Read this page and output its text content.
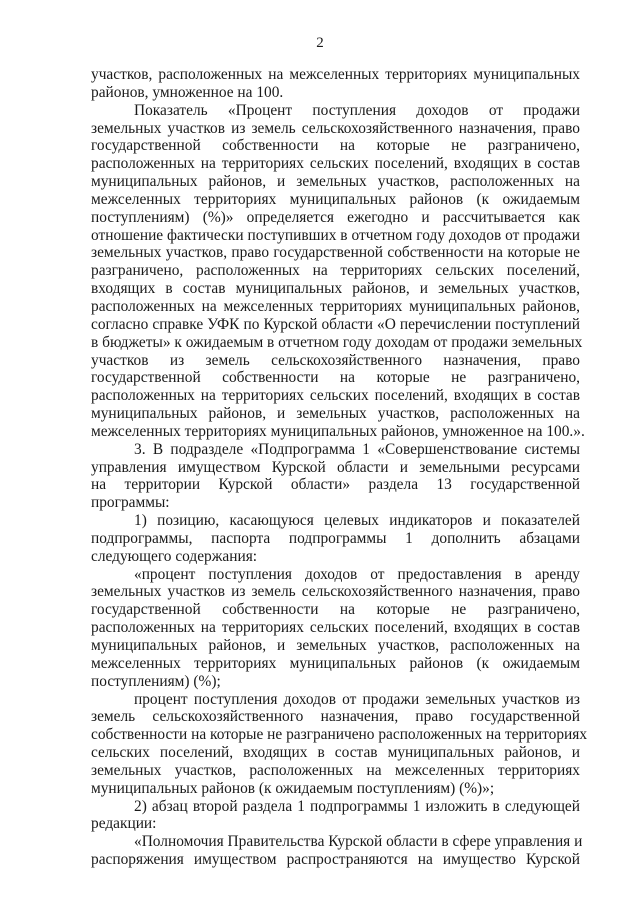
2
участков, расположенных на межселенных территориях муниципальных
районов, умноженное на 100.
Показатель «Процент поступления доходов от продажи
земельных участков из земель сельскохозяйственного назначения, право
государственной собственности на которые не разграничено,
расположенных на территориях сельских поселений, входящих в состав
муниципальных районов, и земельных участков, расположенных на
межселенных территориях муниципальных районов (к ожидаемым
поступлениям) (%)» определяется ежегодно и рассчитывается как
отношение фактически поступивших в отчетном году доходов от продажи
земельных участков, право государственной собственности на которые не
разграничено, расположенных на территориях сельских поселений,
входящих в состав муниципальных районов, и земельных участков,
расположенных на межселенных территориях муниципальных районов,
согласно справке УФК по Курской области «О перечислении поступлений
в бюджеты» к ожидаемым в отчетном году доходам от продажи земельных
участков из земель сельскохозяйственного назначения, право
государственной собственности на которые не разграничено,
расположенных на территориях сельских поселений, входящих в состав
муниципальных районов, и земельных участков, расположенных на
межселенных территориях муниципальных районов, умноженное на 100.».
3. В подразделе «Подпрограмма 1 «Совершенствование системы
управления имуществом Курской области и земельными ресурсами
на территории Курской области» раздела 13 государственной
программы:
1) позицию, касающуюся целевых индикаторов и показателей
подпрограммы, паспорта подпрограммы 1 дополнить абзацами
следующего содержания:
«процент поступления доходов от предоставления в аренду
земельных участков из земель сельскохозяйственного назначения, право
государственной собственности на которые не разграничено,
расположенных на территориях сельских поселений, входящих в состав
муниципальных районов, и земельных участков, расположенных на
межселенных территориях муниципальных районов (к ожидаемым
поступлениям) (%);
процент поступления доходов от продажи земельных участков из
земель сельскохозяйственного назначения, право государственной
собственности на которые не разграничено расположенных на территориях
сельских поселений, входящих в состав муниципальных районов, и
земельных участков, расположенных на межселенных территориях
муниципальных районов (к ожидаемым поступлениям) (%)»;
2) абзац второй раздела 1 подпрограммы 1 изложить в следующей
редакции:
«Полномочия Правительства Курской области в сфере управления и
распоряжения имуществом распространяются на имущество Курской
